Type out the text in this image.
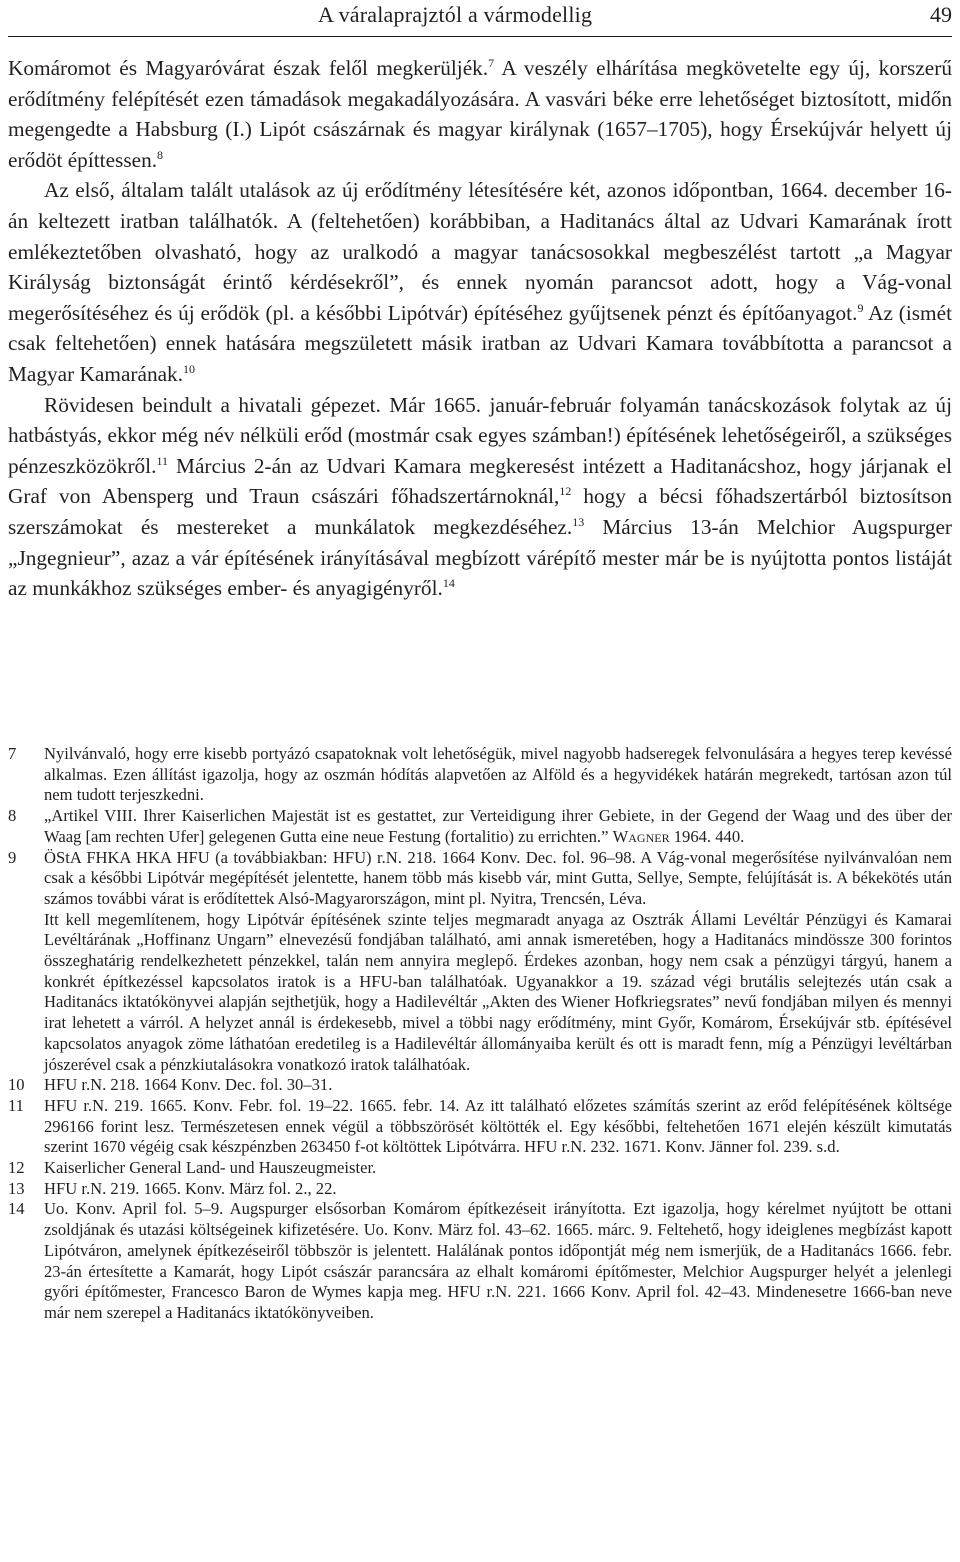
A váralaprajztól a vármodellig	49

Komáromot és Magyaróvárat észak felől megkerüljék.$^7$ A veszély elhárítása megkövetelte egy új, korszerű erődítmény felépítését ezen támadások megakadályozására. A vasvári béke erre lehetőséget biztosított, midőn megengedte a Habsburg (I.) Lipót császárnak és magyar királynak (1657–1705), hogy Érsekújvár helyett új erődöt építtessen.$^8$

Az első, általam talált utalások az új erődítmény létesítésére két, azonos időpontban, 1664. december 16-án keltezett iratban találhatók. A (feltehetően) korábbiban, a Haditanács által az Udvari Kamarának írott emlékeztetőben olvasható, hogy az uralkodó a magyar tanácsosokkal megbeszélést tartott „a Magyar Királyság biztonságát érintő kérdésekről”, és ennek nyomán parancsot adott, hogy a Vág-vonal megerősítéséhez és új erődök (pl. a későbbi Lipótvár) építéséhez gyűjtsenek pénzt és építőanyagot.$^9$ Az (ismét csak feltehetően) ennek hatására megszületett másik iratban az Udvari Kamara továbbította a parancsot a Magyar Kamarának.$^{10}$

Rövidesen beindult a hivatali gépezet. Már 1665. január-február folyamán tanácskozások folytak az új hatbástyás, ekkor még név nélküli erőd (mostmár csak egyes számban!) építésének lehetőségeiről, a szükséges pénzeszközökről.$^{11}$ Március 2-án az Udvari Kamara megkeresést intézett a Haditanácshoz, hogy járjanak el Graf von Abensperg und Traun császári főhadszertárnoknál,$^{12}$ hogy a bécsi főhadszertárból biztosítson szerszámokat és mestereket a munkálatok megkezdéséhez.$^{13}$ Március 13-án Melchior Augspurger „Jngegnieur”, azaz a vár építésének irányításával megbízott várépítő mester már be is nyújtotta pontos listáját az munkákhoz szükséges ember- és anyagigényről.$^{14}$

7	Nyilvánvaló, hogy erre kisebb portyázó csapatoknak volt lehetőségük, mivel nagyobb hadseregek felvonulására a hegyes terep kevéssé alkalmas. Ezen állítást igazolja, hogy az oszmán hódítás alapvetően az Alföld és a hegyvidékek határán megrekedt, tartósan azon túl nem tudott terjeszkedni.
8	„Artikel VIII. Ihrer Kaiserlichen Majestät ist es gestattet, zur Verteidigung ihrer Gebiete, in der Gegend der Waag und des über der Waag [am rechten Ufer] gelegenen Gutta eine neue Festung (fortalitio) zu errichten.” Wagner 1964. 440.
9	ÖStA FHKA HKA HFU (a továbbiakban: HFU) r.N. 218. 1664 Konv. Dec. fol. 96–98. A Vág-vonal megerősítése nyilvánvalóan nem csak a későbbi Lipótvár megépítését jelentette, hanem több más kisebb vár, mint Gutta, Sellye, Sempte, felújítását is. A békekötés után számos további várat is erődítettek Alsó-Magyarországon, mint pl. Nyitra, Trencsén, Léva.
Itt kell megemlítenem, hogy Lipótvár építésének szinte teljes megmaradt anyaga az Osztrák Állami Levéltár Pénzügyi és Kamarai Levéltárának „Hoffinanz Ungarn” elnevezésű fondjában található, ami annak ismeretében, hogy a Haditanács mindössze 300 forintos összeghatárig rendelkezhetett pénzekkel, talán nem annyira meglepő. Érdekes azonban, hogy nem csak a pénzügyi tárgyú, hanem a konkrét építkezéssel kapcsolatos iratok is a HFU-ban találhatóak. Ugyanakkor a 19. század végi brutális selejtezés után csak a Haditanács iktatókönyvei alapján sejthetjük, hogy a Hadilevéltár „Akten des Wiener Hofkriegsrates” nevű fondjában milyen és mennyi irat lehetett a várról. A helyzet annál is érdekesebb, mivel a többi nagy erődítmény, mint Győr, Komárom, Érsekújvár stb. építésével kapcsolatos anyagok zöme láthatóan eredetileg is a Hadilevéltár állományaiba került és ott is maradt fenn, míg a Pénzügyi levéltárban jószerével csak a pénzkiutalásokra vonatkozó iratok találhatóak.
10	HFU r.N. 218. 1664 Konv. Dec. fol. 30–31.
11	HFU r.N. 219. 1665. Konv. Febr. fol. 19–22. 1665. febr. 14. Az itt található előzetes számítás szerint az erőd felépítésének költsége 296166 forint lesz. Természetesen ennek végül a többszörösét költötték el. Egy későbbi, feltehetően 1671 elején készült kimutatás szerint 1670 végéig csak készpénzben 263450 f-ot költöttek Lipótvárra. HFU r.N. 232. 1671. Konv. Jänner fol. 239. s.d.
12	Kaiserlicher General Land- und Hauszeugmeister.
13	HFU r.N. 219. 1665. Konv. März fol. 2., 22.
14	Uo. Konv. April fol. 5–9. Augspurger elsősorban Komárom építkezéseit irányította. Ezt igazolja, hogy kérelmet nyújtott be ottani zsoldjának és utazási költségeinek kifizetésére. Uo. Konv. März fol. 43–62. 1665. márc. 9. Feltehető, hogy ideiglenes megbízást kapott Lipótváron, amelynek építkezéseiről többször is jelentett. Halálának pontos időpontját még nem ismerjük, de a Haditanács 1666. febr. 23-án értesítette a Kamarát, hogy Lipót császár parancsára az elhalt komáromi építőmester, Melchior Augspurger helyét a jelenlegi győri építőmester, Francesco Baron de Wymes kapja meg. HFU r.N. 221. 1666 Konv. April fol. 42–43. Mindenesetre 1666-ban neve már nem szerepel a Haditanács iktatókönyveiben.
